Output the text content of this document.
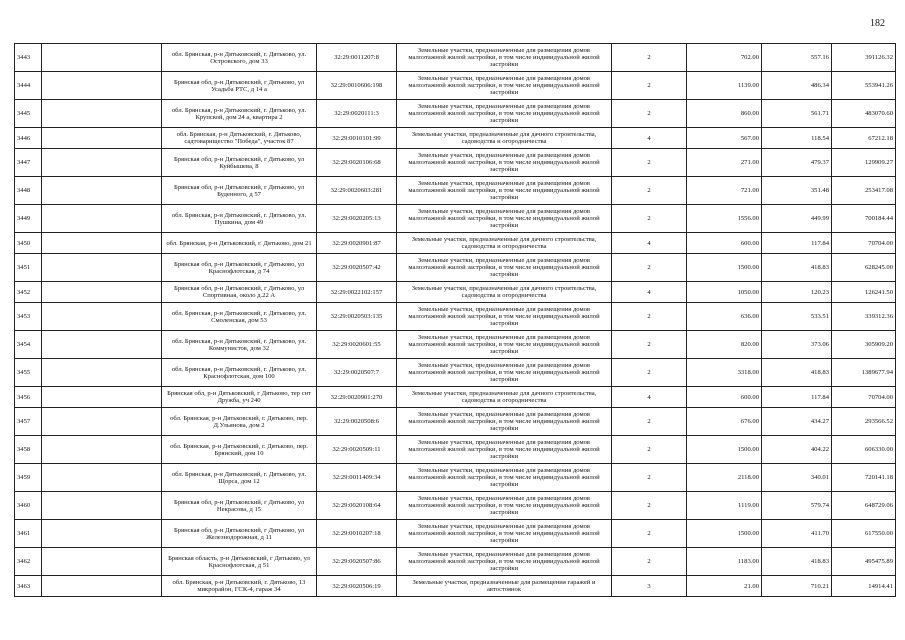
182
3443		обл. Брянская, р-н Дятьковский, г. Дятьково, ул. Островского, дом 33	32:29:0011207:8	Земельные участки, предназначенные для размещения домов малоэтажной жилой застройки, в том числе индивидуальной жилой застройки	2	702.00	557.16	391126.32
3444		Брянская обл, р-н Дятьковский, г Дятьково, ул Усадьба РТС, д 14 а	32:29:0010606:198	Земельные участки, предназначенные для размещения домов малоэтажной жилой застройки, в том числе индивидуальной жилой застройки	2	1139.00	486.34	553941.26
3445		обл. Брянская, р-н Дятьковский, г. Дятьково, ул. Крупской, дом 24 а, квартира 2	32:29:0020111:3	Земельные участки, предназначенные для размещения домов малоэтажной жилой застройки, в том числе индивидуальной жилой застройки	2	860.00	561.71	483070.60
3446		обл. Брянская, р-н Дятьковский, г. Дятьково, садтоварищество "Победа", участок 87	32:29:0010101:99	Земельные участки, предназначенные для дачного строительства, садоводства и огородничества	4	567.00	118.54	67212.18
3447		Брянская обл, р-н Дятьковский, г Дятьково, ул Куйбышева, 8	32:29:0020106:68	Земельные участки, предназначенные для размещения домов малоэтажной жилой застройки, в том числе индивидуальной жилой застройки	2	271.00	479.37	129909.27
3448		Брянская обл, р-н Дятьковский, г Дятьково, ул Буденного, д 57	32:29:0020603:281	Земельные участки, предназначенные для размещения домов малоэтажной жилой застройки, в том числе индивидуальной жилой застройки	2	721.00	351.48	253417.08
3449		обл. Брянская, р-н Дятьковский, г. Дятьково, ул. Пушкина, дом 49	32:29:0020205:13	Земельные участки, предназначенные для размещения домов малоэтажной жилой застройки, в том числе индивидуальной жилой застройки	2	1556.00	449.99	700184.44
3450		обл. Брянская, р-н Дятьковский, г. Дятьково, дом 21	32:29:0020901:87	Земельные участки, предназначенные для дачного строительства, садоводства и огородничества	4	600.00	117.84	70704.00
3451		Брянская обл, р-н Дятьковский, г Дятьково, ул Краснофлотская, д 74	32:29:0020507:42	Земельные участки, предназначенные для размещения домов малоэтажной жилой застройки, в том числе индивидуальной жилой застройки	2	1500.00	418.83	628245.00
3452		Брянская обл, р-н Дятьковский, г Дятьково, ул Спортивная, около д.22 А	32:29:0022102:157	Земельные участки, предназначенные для дачного строительства, садоводства и огородничества	4	1050.00	120.23	126241.50
3453		обл. Брянская, р-н Дятьковский, г. Дятьково, ул. Смоленская, дом 53	32:29:0020503:135	Земельные участки, предназначенные для размещения домов малоэтажной жилой застройки, в том числе индивидуальной жилой застройки	2	636.00	533.51	339312.36
3454		обл. Брянская, р-н Дятьковский, г. Дятьково, ул. Коммунистов, дом 32	32:29:0020601:55	Земельные участки, предназначенные для размещения домов малоэтажной жилой застройки, в том числе индивидуальной жилой застройки	2	820.00	373.06	305909.20
3455		обл. Брянская, р-н Дятьковский, г. Дятьково, ул. Краснофлотская, дом 100	32:29:0020507:7	Земельные участки, предназначенные для размещения домов малоэтажной жилой застройки, в том числе индивидуальной жилой застройки	2	3318.00	418.83	1389677.94
3456		Брянская обл, р-н Дятьковский, г Дятьково, тер снт Дружба, уч 240	32:29:0020901:270	Земельные участки, предназначенные для дачного строительства, садоводства и огородничества	4	600.00	117.84	70704.00
3457		обл. Брянская, р-н Дятьковский, г. Дятьково, пер. Д.Ульянова, дом 2	32:29:0020508:6	Земельные участки, предназначенные для размещения домов малоэтажной жилой застройки, в том числе индивидуальной жилой застройки	2	676.00	434.27	293566.52
3458		обл. Брянская, р-н Дятьковский, г. Дятьково, пер. Брянский, дом 10	32:29:0020509:11	Земельные участки, предназначенные для размещения домов малоэтажной жилой застройки, в том числе индивидуальной жилой застройки	2	1500.00	404.22	606330.00
3459		обл. Брянская, р-н Дятьковский, г. Дятьково, ул. Щорса, дом 12	32:29:0011409:34	Земельные участки, предназначенные для размещения домов малоэтажной жилой застройки, в том числе индивидуальной жилой застройки	2	2118.00	340.01	720141.18
3460		Брянская обл, р-н Дятьковский, г Дятьково, ул Некрасова, д 15	32:29:0020108:64	Земельные участки, предназначенные для размещения домов малоэтажной жилой застройки, в том числе индивидуальной жилой застройки	2	1119.00	579.74	648729.06
3461		Брянская обл, р-н Дятьковский, г Дятьково, ул Железнодорожная, д 11	32:29:0010207:18	Земельные участки, предназначенные для размещения домов малоэтажной жилой застройки, в том числе индивидуальной жилой застройки	2	1500.00	411.70	617550.00
3462		Брянская область, р-н Дятьковский, г Дятьково, ул Краснофлотская, д 51	32:29:0020507:86	Земельные участки, предназначенные для размещения домов малоэтажной жилой застройки, в том числе индивидуальной жилой застройки	2	1183.00	418.83	495475.89
3463		обл. Брянская, р-н Дятьковский, г. Дятьково, 13 микрорайон, ГСК-4, гараж 34	32:29:0020506:19	Земельные участки, предназначенные для размещения гаражей и автостоянок	3	21.00	710.21	14914.41
